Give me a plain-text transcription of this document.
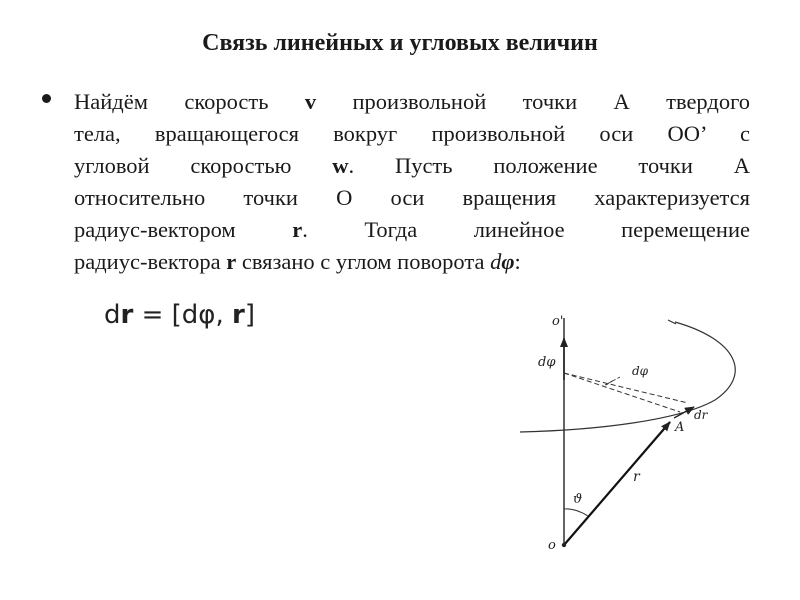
Связь линейных и угловых величин
Найдём скорость v произвольной точки А твердого
тела, вращающегося вокруг произвольной оси ОО’ с
угловой скоростью w. Пусть положение точки А
относительно точки О оси вращения характеризуется
радиус-вектором r. Тогда линейное перемещение
радиус-вектора r связано с углом поворота dφ:
dr = [dφ, r]	o'
dφ
dφ
dr
A
r
ϑ
o
